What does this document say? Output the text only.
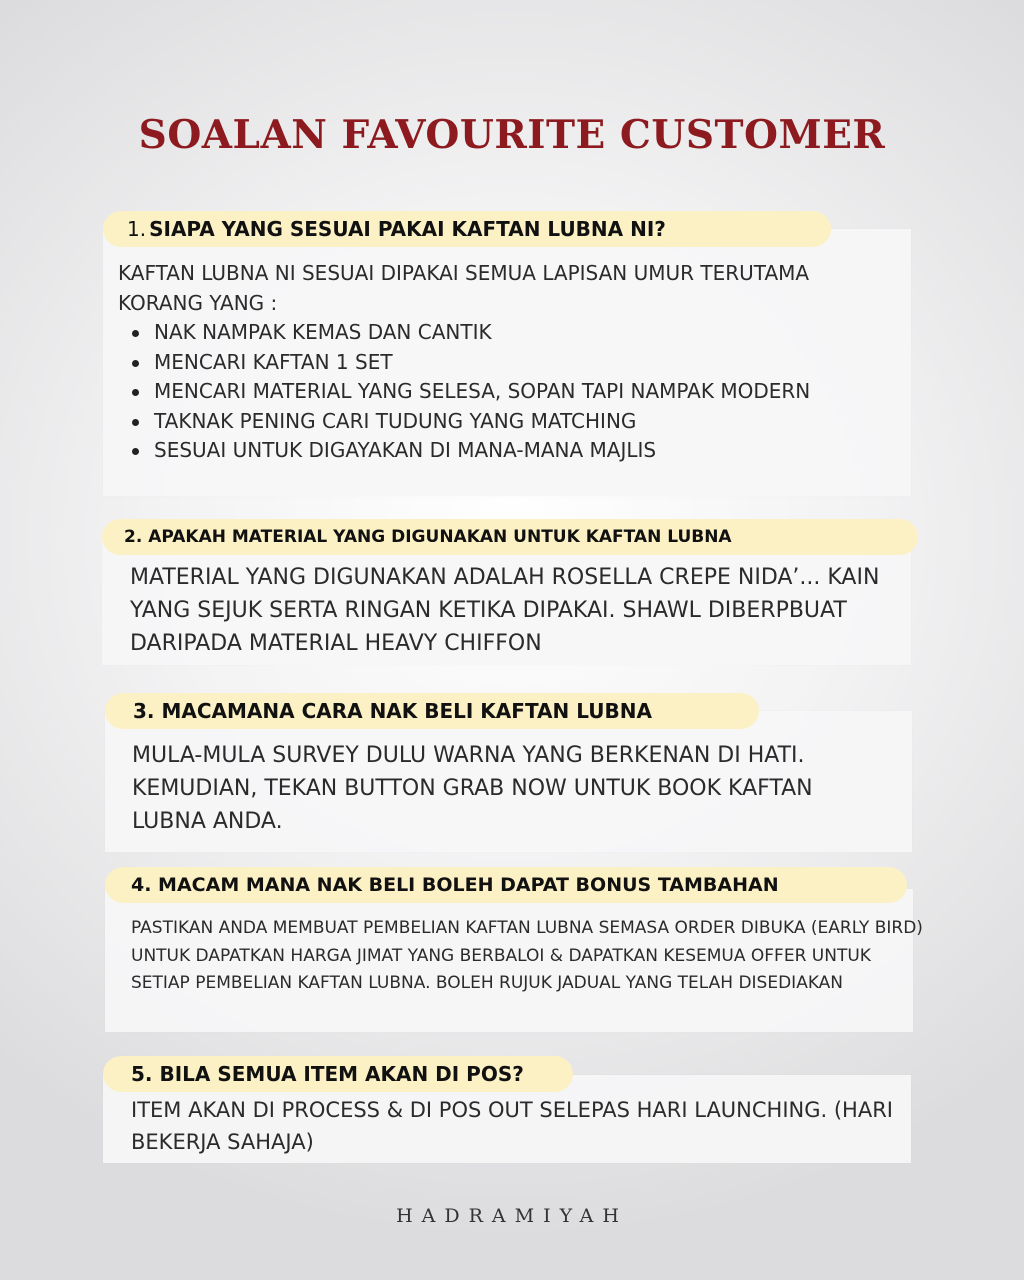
SOALAN FAVOURITE CUSTOMER
1. SIAPA YANG SESUAI PAKAI KAFTAN LUBNA NI?

KAFTAN LUBNA NI SESUAI DIPAKAI SEMUA LAPISAN UMUR TERUTAMA KORANG YANG :

NAK NAMPAK KEMAS DAN CANTIK
MENCARI KAFTAN 1 SET
MENCARI MATERIAL YANG SELESA, SOPAN TAPI NAMPAK MODERN
TAKNAK PENING CARI TUDUNG YANG MATCHING
SESUAI UNTUK DIGAYAKAN DI MANA-MANA MAJLIS
2. APAKAH MATERIAL YANG DIGUNAKAN UNTUK KAFTAN LUBNA

MATERIAL YANG DIGUNAKAN ADALAH ROSELLA CREPE NIDA’... KAIN YANG SEJUK SERTA RINGAN KETIKA DIPAKAI. SHAWL DIBERPBUAT DARIPADA MATERIAL HEAVY CHIFFON

3. MACAMANA CARA NAK BELI KAFTAN LUBNA

MULA-MULA SURVEY DULU WARNA YANG BERKENAN DI HATI. KEMUDIAN, TEKAN BUTTON GRAB NOW UNTUK BOOK KAFTAN LUBNA ANDA.

4. MACAM MANA NAK BELI BOLEH DAPAT BONUS TAMBAHAN

PASTIKAN ANDA MEMBUAT PEMBELIAN KAFTAN LUBNA SEMASA ORDER DIBUKA (EARLY BIRD) UNTUK DAPATKAN HARGA JIMAT YANG BERBALOI & DAPATKAN KESEMUA OFFER UNTUK SETIAP PEMBELIAN KAFTAN LUBNA. BOLEH RUJUK JADUAL YANG TELAH DISEDIAKAN

5. BILA SEMUA ITEM AKAN DI POS?

ITEM AKAN DI PROCESS & DI POS OUT SELEPAS HARI LAUNCHING. (HARI BEKERJA SAHAJA)

HADRAMIYAH
